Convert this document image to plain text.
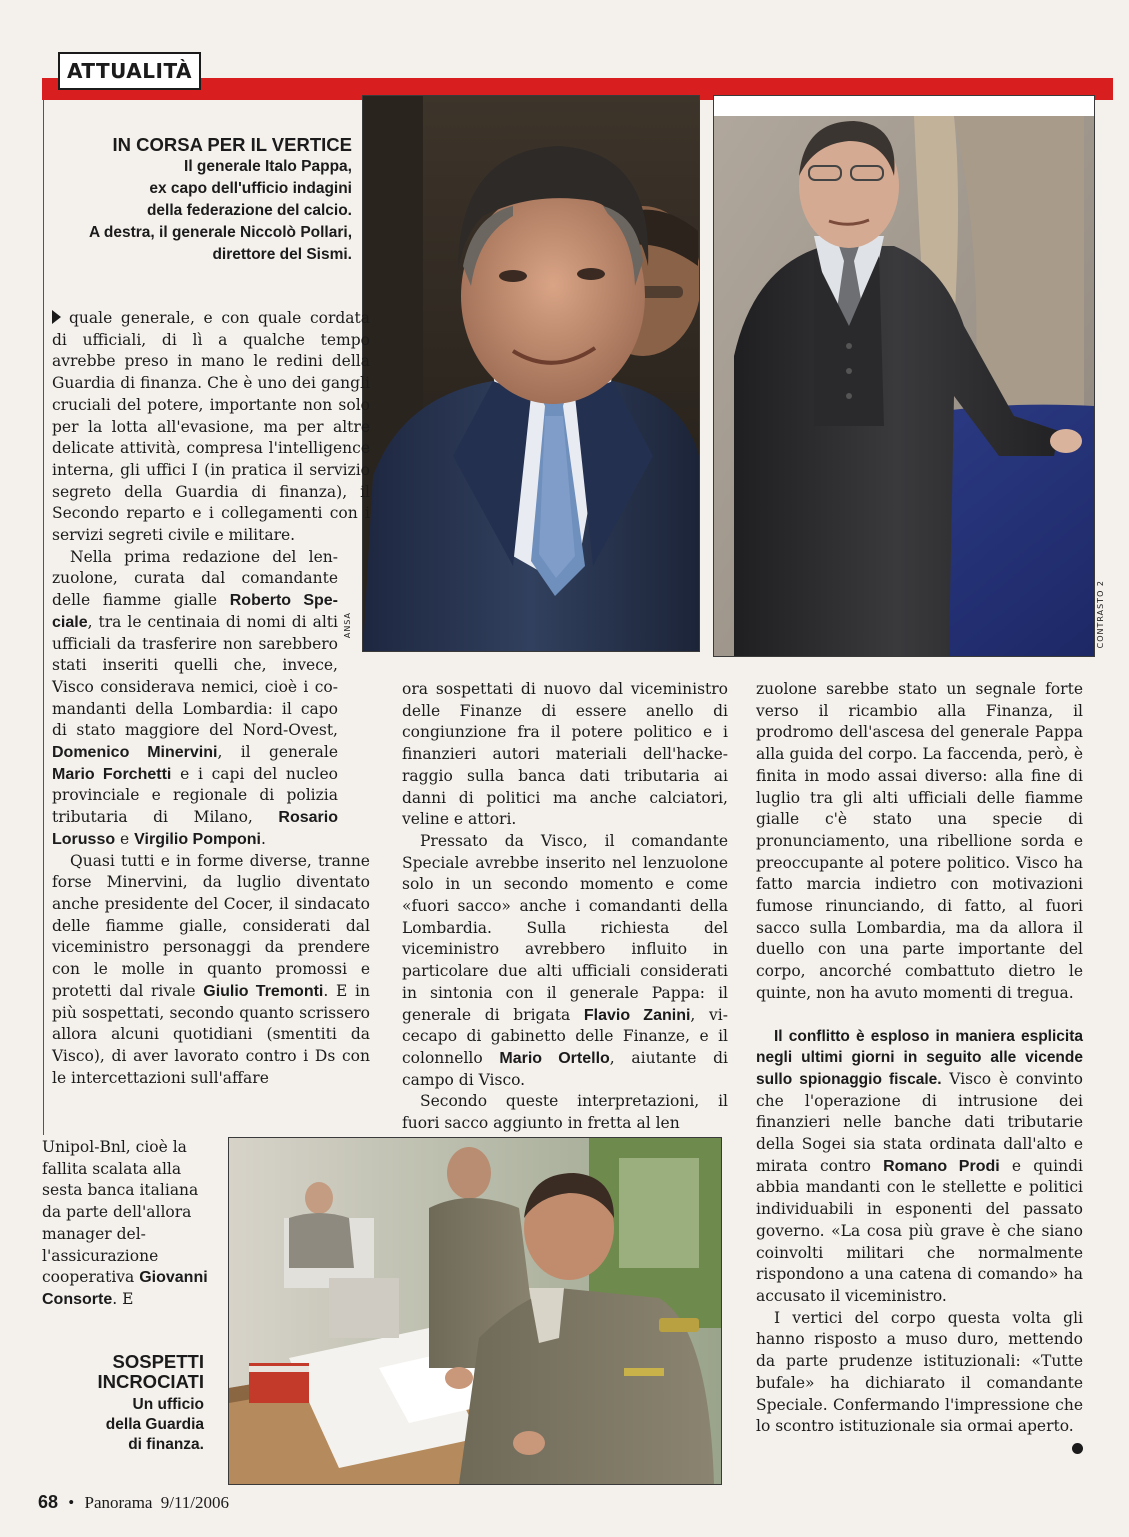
ATTUALITÀ
ANSA	CONTRASTO 2
IN CORSA PER IL VERTICE
Il generale Italo Pappa,
ex capo dell'ufficio indagini
della federazione del calcio.
A destra, il generale Niccolò Pollari,
direttore del Sismi.

quale generale, e con quale cordata di ufficiali, di lì a qualche tempo avrebbe preso in mano le redini della Guardia di finanza. Che è uno dei gangli cruciali del potere, importante non solo per la lotta all'evasione, ma per altre delicate attività, compresa l'intelligence interna, gli uffici I (in pratica il servizio segreto della Guardia di finanza), il Secondo reparto e i collegamenti con i servizi segreti civile e militare.

Nella prima redazione del lenzuolone, curata dal comandante delle fiamme gialle Roberto Speciale, tra le centinaia di nomi di alti ufficiali da trasferire non sarebbero stati inseriti quelli che, invece, Visco considerava nemici, cioè i comandanti della Lombardia: il capo di stato maggiore del Nord-Ovest, Domenico Minervini, il generale Mario Forchetti e i capi del nucleo provinciale e regionale di polizia tributaria di Milano, Rosario Lorusso e Virgilio Pomponi.

Quasi tutti e in forme diverse, tranne forse Minervini, da luglio diventato anche presidente del Cocer, il sindacato delle fiamme gialle, considerati dal viceministro personaggi da prendere con le molle in quanto promossi e protetti dal rivale Giulio Tremonti. E in più sospettati, secondo quanto scrissero allora alcuni quotidiani (smentiti da Visco), di aver lavorato contro i Ds con le intercettazioni sull'affare

Unipol-Bnl, cioè la fallita scalata alla sesta banca italiana da parte dell'allora manager dell'assicurazione cooperativa Giovanni Consorte. E

SOSPETTI
INCROCIATI
Un ufficio
della Guardia
di finanza.

ora sospettati di nuovo dal viceministro delle Finanze di essere anello di congiunzione fra il potere politico e i finanzieri autori materiali dell'hackeraggio sulla banca dati tributaria ai danni di politici ma anche calciatori, veline e attori.

Pressato da Visco, il comandante Speciale avrebbe inserito nel lenzuolone solo in un secondo momento e come «fuori sacco» anche i comandanti della Lombardia. Sulla richiesta del viceministro avrebbero influito in particolare due alti ufficiali considerati in sintonia con il generale Pappa: il generale di brigata Flavio Zanini, vicecapo di gabinetto delle Finanze, e il colonnello Mario Ortello, aiutante di campo di Visco.

Secondo queste interpretazioni, il fuori sacco aggiunto in fretta al len

zuolone sarebbe stato un segnale forte verso il ricambio alla Finanza, il prodromo dell'ascesa del generale Pappa alla guida del corpo. La faccenda, però, è finita in modo assai diverso: alla fine di luglio tra gli alti ufficiali delle fiamme gialle c'è stato una specie di pronunciamento, una ribellione sorda e preoccupante al potere politico. Visco ha fatto marcia indietro con motivazioni fumose rinunciando, di fatto, al fuori sacco sulla Lombardia, ma da allora il duello con una parte importante del corpo, ancorché combattuto dietro le quinte, non ha avuto momenti di tregua.

Il conflitto è esploso in maniera esplicita negli ultimi giorni in seguito alle vicende sullo spionaggio fiscale. Visco è convinto che l'operazione di intrusione dei finanzieri nelle banche dati tributarie della Sogei sia stata ordinata dall'alto e mirata contro Romano Prodi e quindi abbia mandanti con le stellette e politici individuabili in esponenti del passato governo. «La cosa più grave è che siano coinvolti militari che normalmente rispondono a una catena di comando» ha accusato il viceministro.

I vertici del corpo questa volta gli hanno risposto a muso duro, mettendo da parte prudenze istituzionali: «Tutte bufale» ha dichiarato il comandante Speciale. Confermando l'impressione che lo scontro istituzionale sia ormai aperto.

68 • Panorama 9/11/2006
